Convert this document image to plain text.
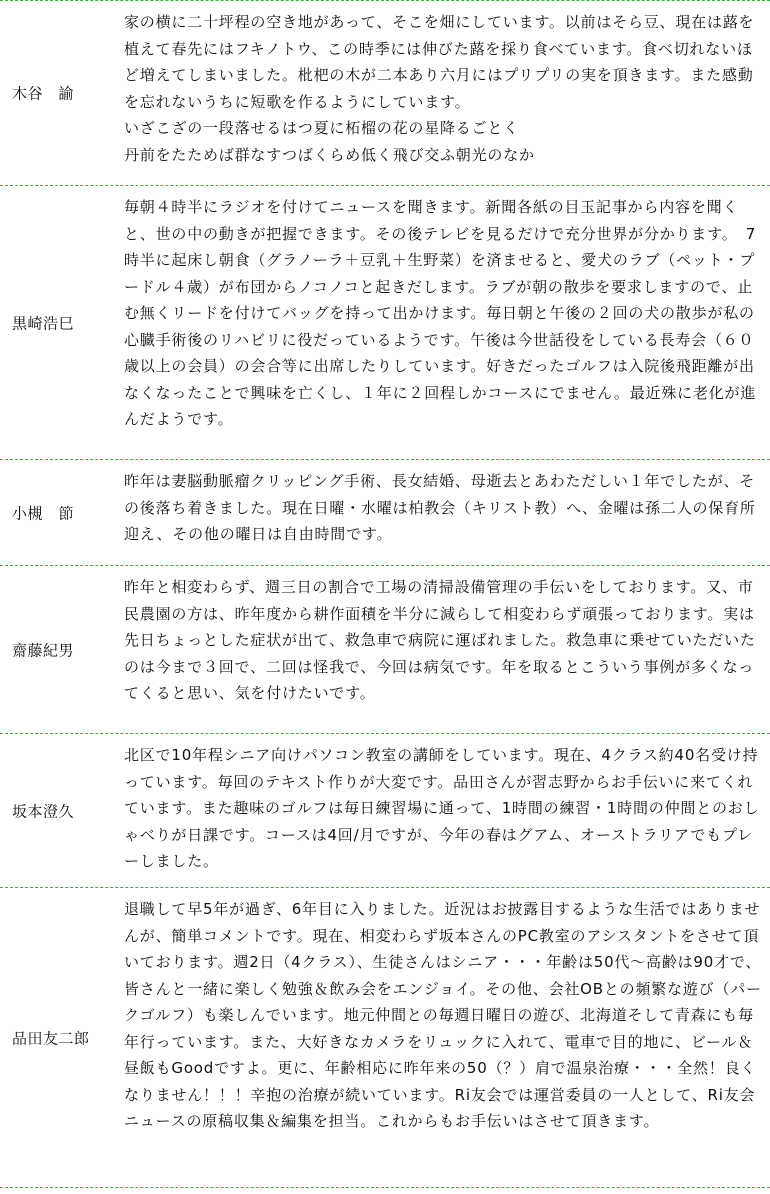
木谷　諭
家の横に二十坪程の空き地があって、そこを畑にしています。以前はそら豆、現在は蕗を植えて春先にはフキノトウ、この時季には伸びた蕗を採り食べています。食べ切れないほど増えてしまいました。枇杷の木が二本あり六月にはプリプリの実を頂きます。また感動を忘れないうちに短歌を作るようにしています。
いざこざの一段落せるはつ夏に柘榴の花の星降るごとく
丹前をたためば群なすつばくらめ低く飛び交ふ朝光のなか
黒崎浩巳
毎朝４時半にラジオを付けてニュースを聞きます。新聞各紙の目玉記事から内容を聞くと、世の中の動きが把握できます。その後テレビを見るだけで充分世界が分かります。　7時半に起床し朝食（グラノーラ＋豆乳＋生野菜）を済ませると、愛犬のラブ（ペット・プードル４歳）が布団からノコノコと起きだします。ラブが朝の散歩を要求しますので、止む無くリードを付けてバッグを持って出かけます。毎日朝と午後の２回の犬の散歩が私の心臓手術後のリハビリに役だっているようです。午後は今世話役をしている長寿会（６０歳以上の会員）の会合等に出席したりしています。好きだったゴルフは入院後飛距離が出なくなったことで興味を亡くし、１年に２回程しかコースにでません。最近殊に老化が進んだようです。
小槻　節
昨年は妻脳動脈瘤クリッピング手術、長女結婚、母逝去とあわただしい１年でしたが、その後落ち着きました。現在日曜・水曜は柏教会（キリスト教）へ、金曜は孫二人の保育所迎え、その他の曜日は自由時間です。
齋藤紀男
昨年と相変わらず、週三日の割合で工場の清掃設備管理の手伝いをしております。又、市民農園の方は、昨年度から耕作面積を半分に減らして相変わらず頑張っております。実は先日ちょっとした症状が出て、救急車で病院に運ばれました。救急車に乗せていただいたのは今まで３回で、二回は怪我で、今回は病気です。年を取るとこういう事例が多くなってくると思い、気を付けたいです。
坂本澄久
北区で10年程シニア向けパソコン教室の講師をしています。現在、4クラス約40名受け持っています。毎回のテキスト作りが大変です。品田さんが習志野からお手伝いに来てくれています。また趣味のゴルフは毎日練習場に通って、1時間の練習・1時間の仲間とのおしゃべりが日課です。コースは4回/月ですが、今年の春はグアム、オーストラリアでもプレーしました。
品田友二郎
退職して早5年が過ぎ、6年目に入りました。近況はお披露目するような生活ではありませんが、簡単コメントです。現在、相変わらず坂本さんのPC教室のアシスタントをさせて頂いております。週2日（4クラス）、生徒さんはシニア・・・年齢は50代～高齢は90才で、皆さんと一緒に楽しく勉強＆飲み会をエンジョイ。その他、会社OBとの頻繁な遊び（パークゴルフ）も楽しんでいます。地元仲間との毎週日曜日の遊び、北海道そして青森にも毎年行っています。また、大好きなカメラをリュックに入れて、電車で目的地に、ビール＆昼飯もGoodですよ。更に、年齢相応に昨年来の50（？）肩で温泉治療・・・全然！良くなりません！！！辛抱の治療が続いています。Ri友会では運営委員の一人として、Ri友会ニュースの原稿収集＆編集を担当。これからもお手伝いはさせて頂きます。
